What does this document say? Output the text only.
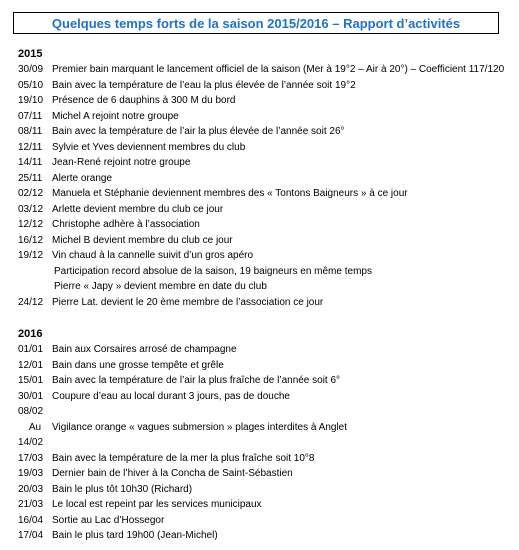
Quelques temps forts de la saison 2015/2016 – Rapport d’activités
2015
30/09 Premier bain marquant le lancement officiel de la saison (Mer à 19°2 – Air à 20°) – Coefficient 117/120
05/10 Bain avec la température de l’eau la plus élevée de l’année soit 19°2
19/10 Présence de 6 dauphins à 300 M du bord
07/11 Michel A rejoint notre groupe
08/11 Bain avec la température de l’air la plus élevée de l’année soit 26°
12/11 Sylvie et Yves deviennent membres du club
14/11 Jean-René rejoint notre groupe
25/11 Alerte orange
02/12 Manuela et Stéphanie deviennent membres des « Tontons Baigneurs » à ce jour
03/12 Arlette devient membre du club ce jour
12/12 Christophe adhère à l’association
16/12 Michel B devient membre du club ce jour
19/12 Vin chaud à la cannelle suivit d’un gros apéro
Participation record absolue de la saison, 19 baigneurs en même temps
Pierre « Japy » devient membre en date du club
24/12 Pierre Lat. devient le 20 ème membre de l’association ce jour
2016
01/01 Bain aux Corsaires arrosé de champagne
12/01 Bain dans une grosse tempête et grêle
15/01 Bain avec la température de l’air la plus fraîche de l’année soit 6°
30/01 Coupure d’eau au local durant 3 jours, pas de douche
08/02
Au	Vigilance orange « vagues submersion » plages interdites à Anglet
14/02
17/03 Bain avec la température de la mer la plus fraîche soit 10°8
19/03 Dernier bain de l’hiver à la Concha de Saint-Sébastien
20/03 Bain le plus tôt 10h30 (Richard)
21/03 Le local est repeint par les services municipaux
16/04 Sortie au Lac d’Hossegor
17/04 Bain le plus tard 19h00 (Jean-Michel)
